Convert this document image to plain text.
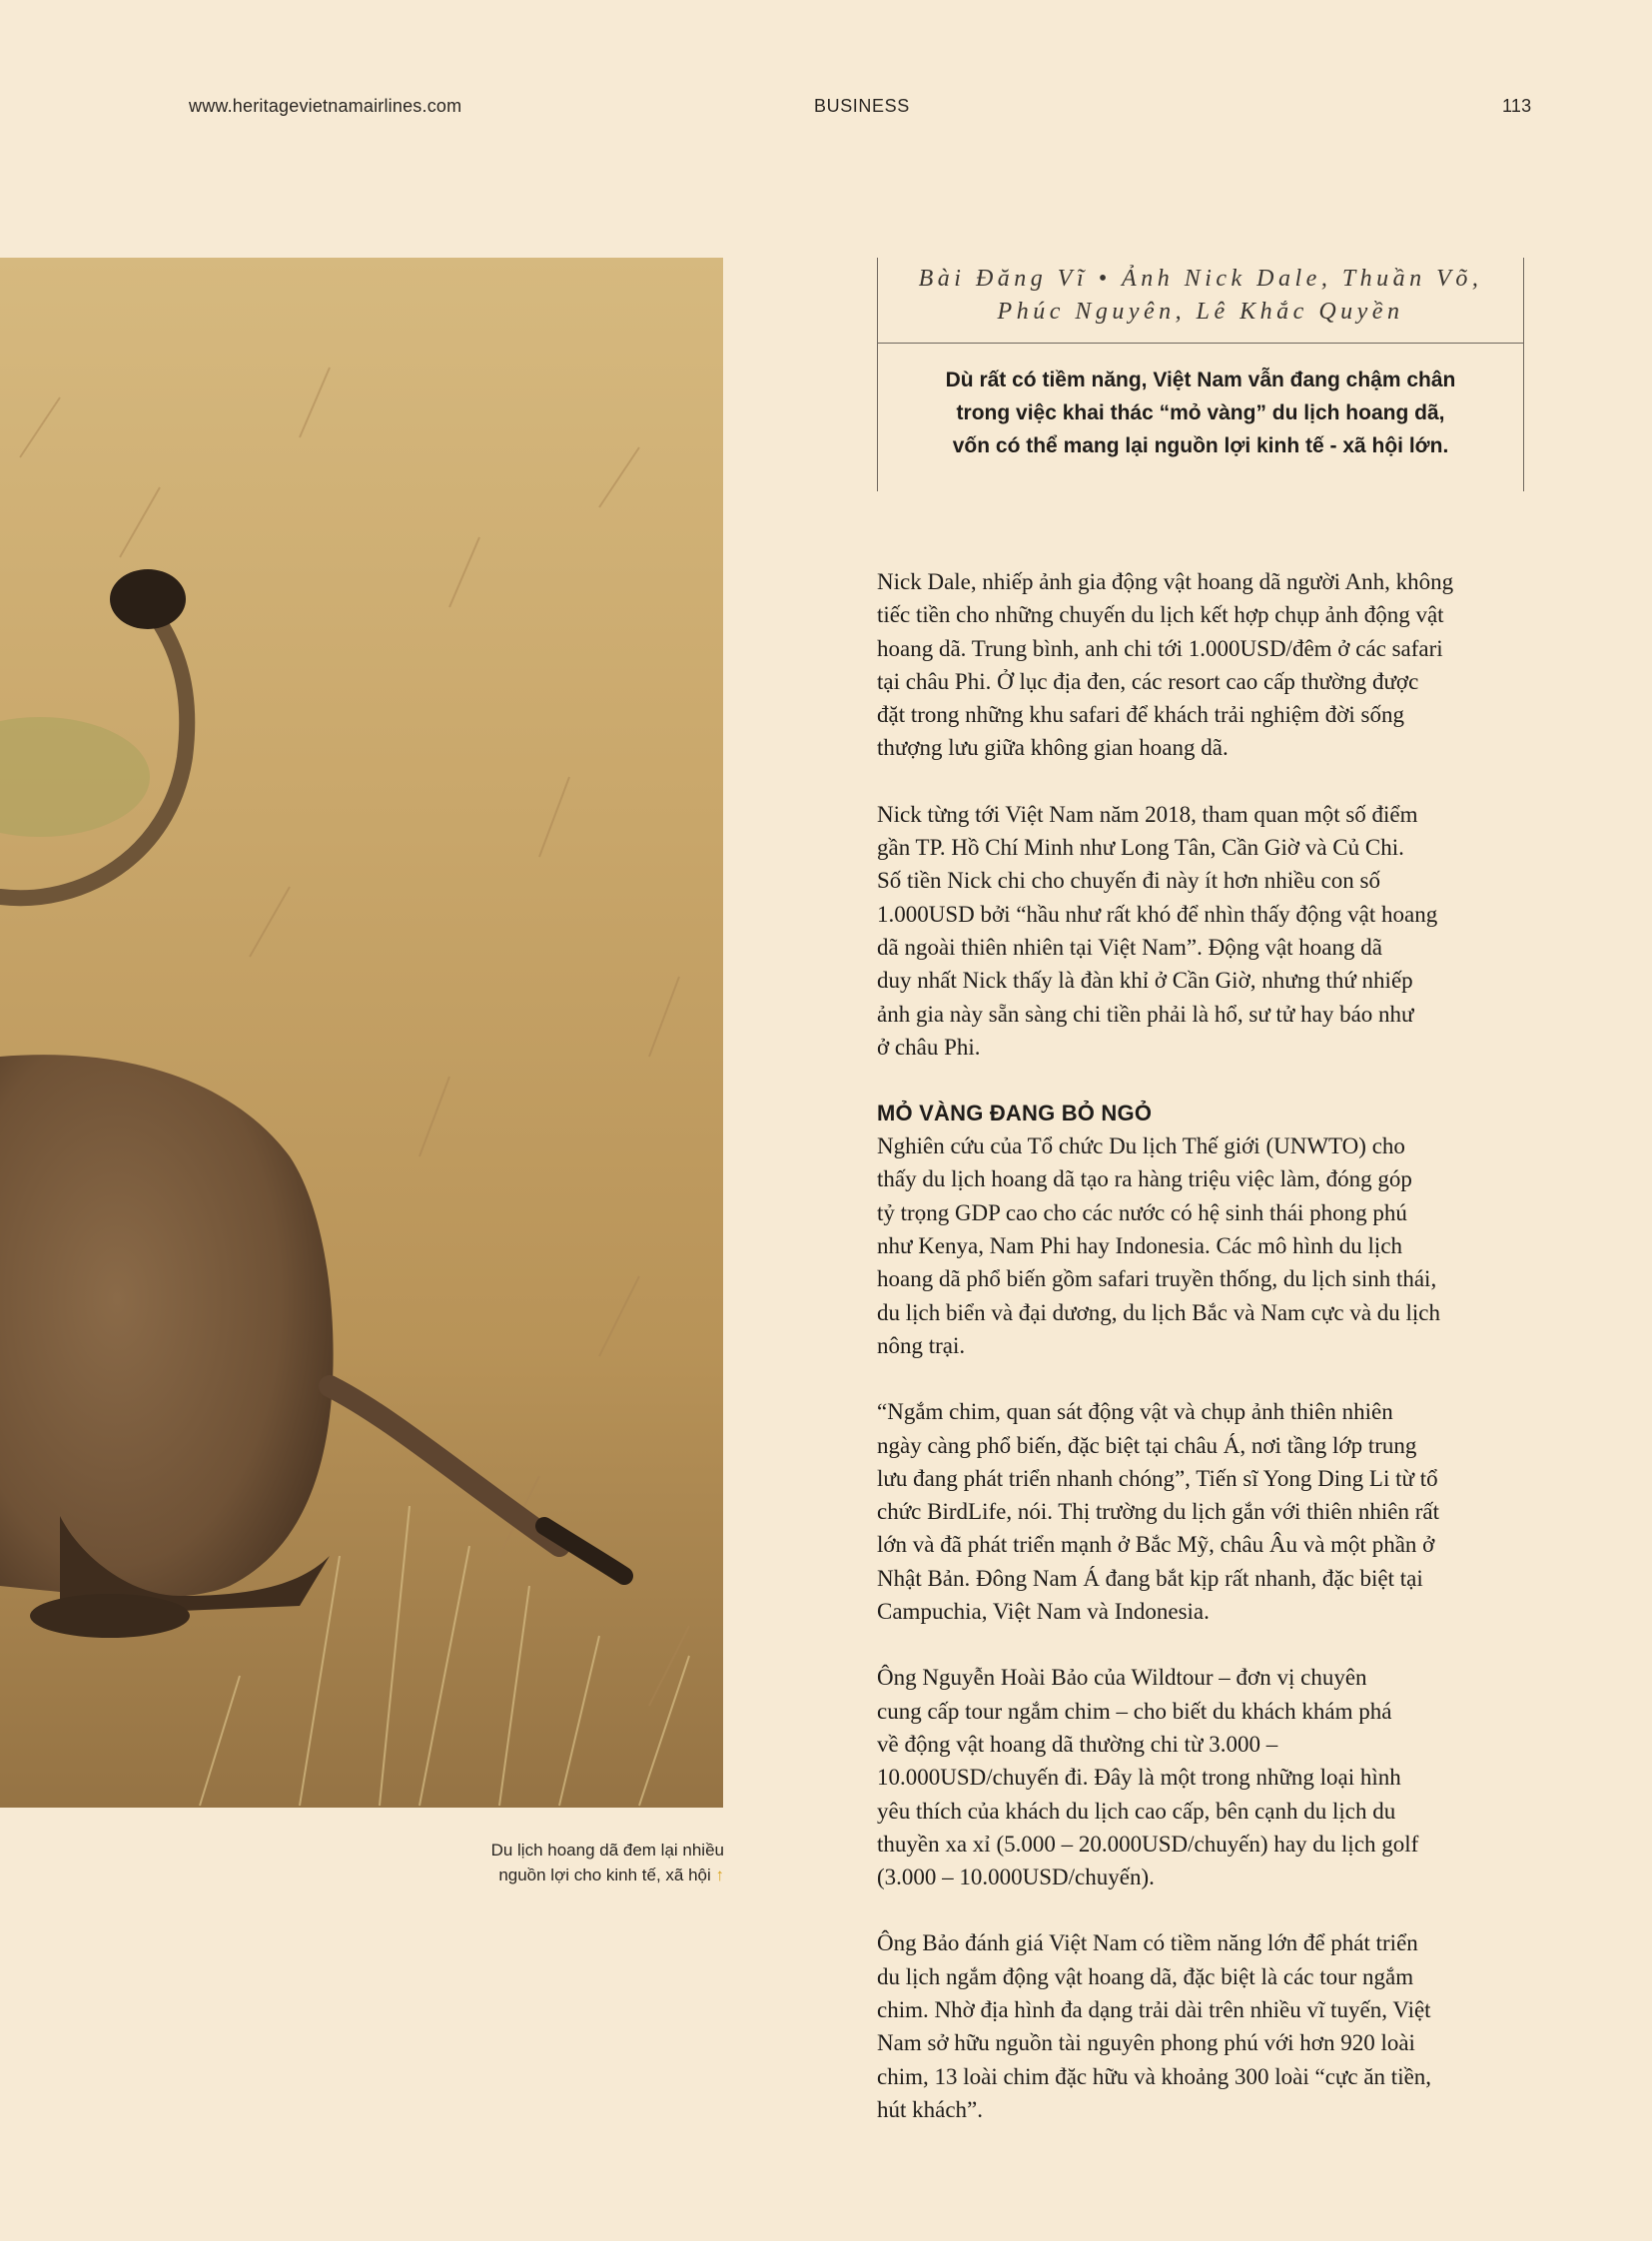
www.heritagevietnamairlines.com	BUSINESS	113
Du lịch hoang dã đem lại nhiều
nguồn lợi cho kinh tế, xã hội ↑
Bài Đăng Vĩ • Ảnh Nick Dale, Thuần Võ,
Phúc Nguyên, Lê Khắc Quyền
Dù rất có tiềm năng, Việt Nam vẫn đang chậm chân
trong việc khai thác “mỏ vàng” du lịch hoang dã,
vốn có thể mang lại nguồn lợi kinh tế - xã hội lớn.
Nick Dale, nhiếp ảnh gia động vật hoang dã người Anh, không
tiếc tiền cho những chuyến du lịch kết hợp chụp ảnh động vật
hoang dã. Trung bình, anh chi tới 1.000USD/đêm ở các safari
tại châu Phi. Ở lục địa đen, các resort cao cấp thường được
đặt trong những khu safari để khách trải nghiệm đời sống
thượng lưu giữa không gian hoang dã.
Nick từng tới Việt Nam năm 2018, tham quan một số điểm
gần TP. Hồ Chí Minh như Long Tân, Cần Giờ và Củ Chi.
Số tiền Nick chi cho chuyến đi này ít hơn nhiều con số
1.000USD bởi “hầu như rất khó để nhìn thấy động vật hoang
dã ngoài thiên nhiên tại Việt Nam”. Động vật hoang dã
duy nhất Nick thấy là đàn khỉ ở Cần Giờ, nhưng thứ nhiếp
ảnh gia này sẵn sàng chi tiền phải là hổ, sư tử hay báo như
ở châu Phi.
MỎ VÀNG ĐANG BỎ NGỎ
Nghiên cứu của Tổ chức Du lịch Thế giới (UNWTO) cho
thấy du lịch hoang dã tạo ra hàng triệu việc làm, đóng góp
tỷ trọng GDP cao cho các nước có hệ sinh thái phong phú
như Kenya, Nam Phi hay Indonesia. Các mô hình du lịch
hoang dã phổ biến gồm safari truyền thống, du lịch sinh thái,
du lịch biển và đại dương, du lịch Bắc và Nam cực và du lịch
nông trại.
“Ngắm chim, quan sát động vật và chụp ảnh thiên nhiên
ngày càng phổ biến, đặc biệt tại châu Á, nơi tầng lớp trung
lưu đang phát triển nhanh chóng”, Tiến sĩ Yong Ding Li từ tổ
chức BirdLife, nói. Thị trường du lịch gắn với thiên nhiên rất
lớn và đã phát triển mạnh ở Bắc Mỹ, châu Âu và một phần ở
Nhật Bản. Đông Nam Á đang bắt kịp rất nhanh, đặc biệt tại
Campuchia, Việt Nam và Indonesia.
Ông Nguyễn Hoài Bảo của Wildtour – đơn vị chuyên
cung cấp tour ngắm chim – cho biết du khách khám phá
về động vật hoang dã thường chi từ 3.000 –
10.000USD/chuyến đi. Đây là một trong những loại hình
yêu thích của khách du lịch cao cấp, bên cạnh du lịch du
thuyền xa xỉ (5.000 – 20.000USD/chuyến) hay du lịch golf
(3.000 – 10.000USD/chuyến).
Ông Bảo đánh giá Việt Nam có tiềm năng lớn để phát triển
du lịch ngắm động vật hoang dã, đặc biệt là các tour ngắm
chim. Nhờ địa hình đa dạng trải dài trên nhiều vĩ tuyến, Việt
Nam sở hữu nguồn tài nguyên phong phú với hơn 920 loài
chim, 13 loài chim đặc hữu và khoảng 300 loài “cực ăn tiền,
hút khách”.
